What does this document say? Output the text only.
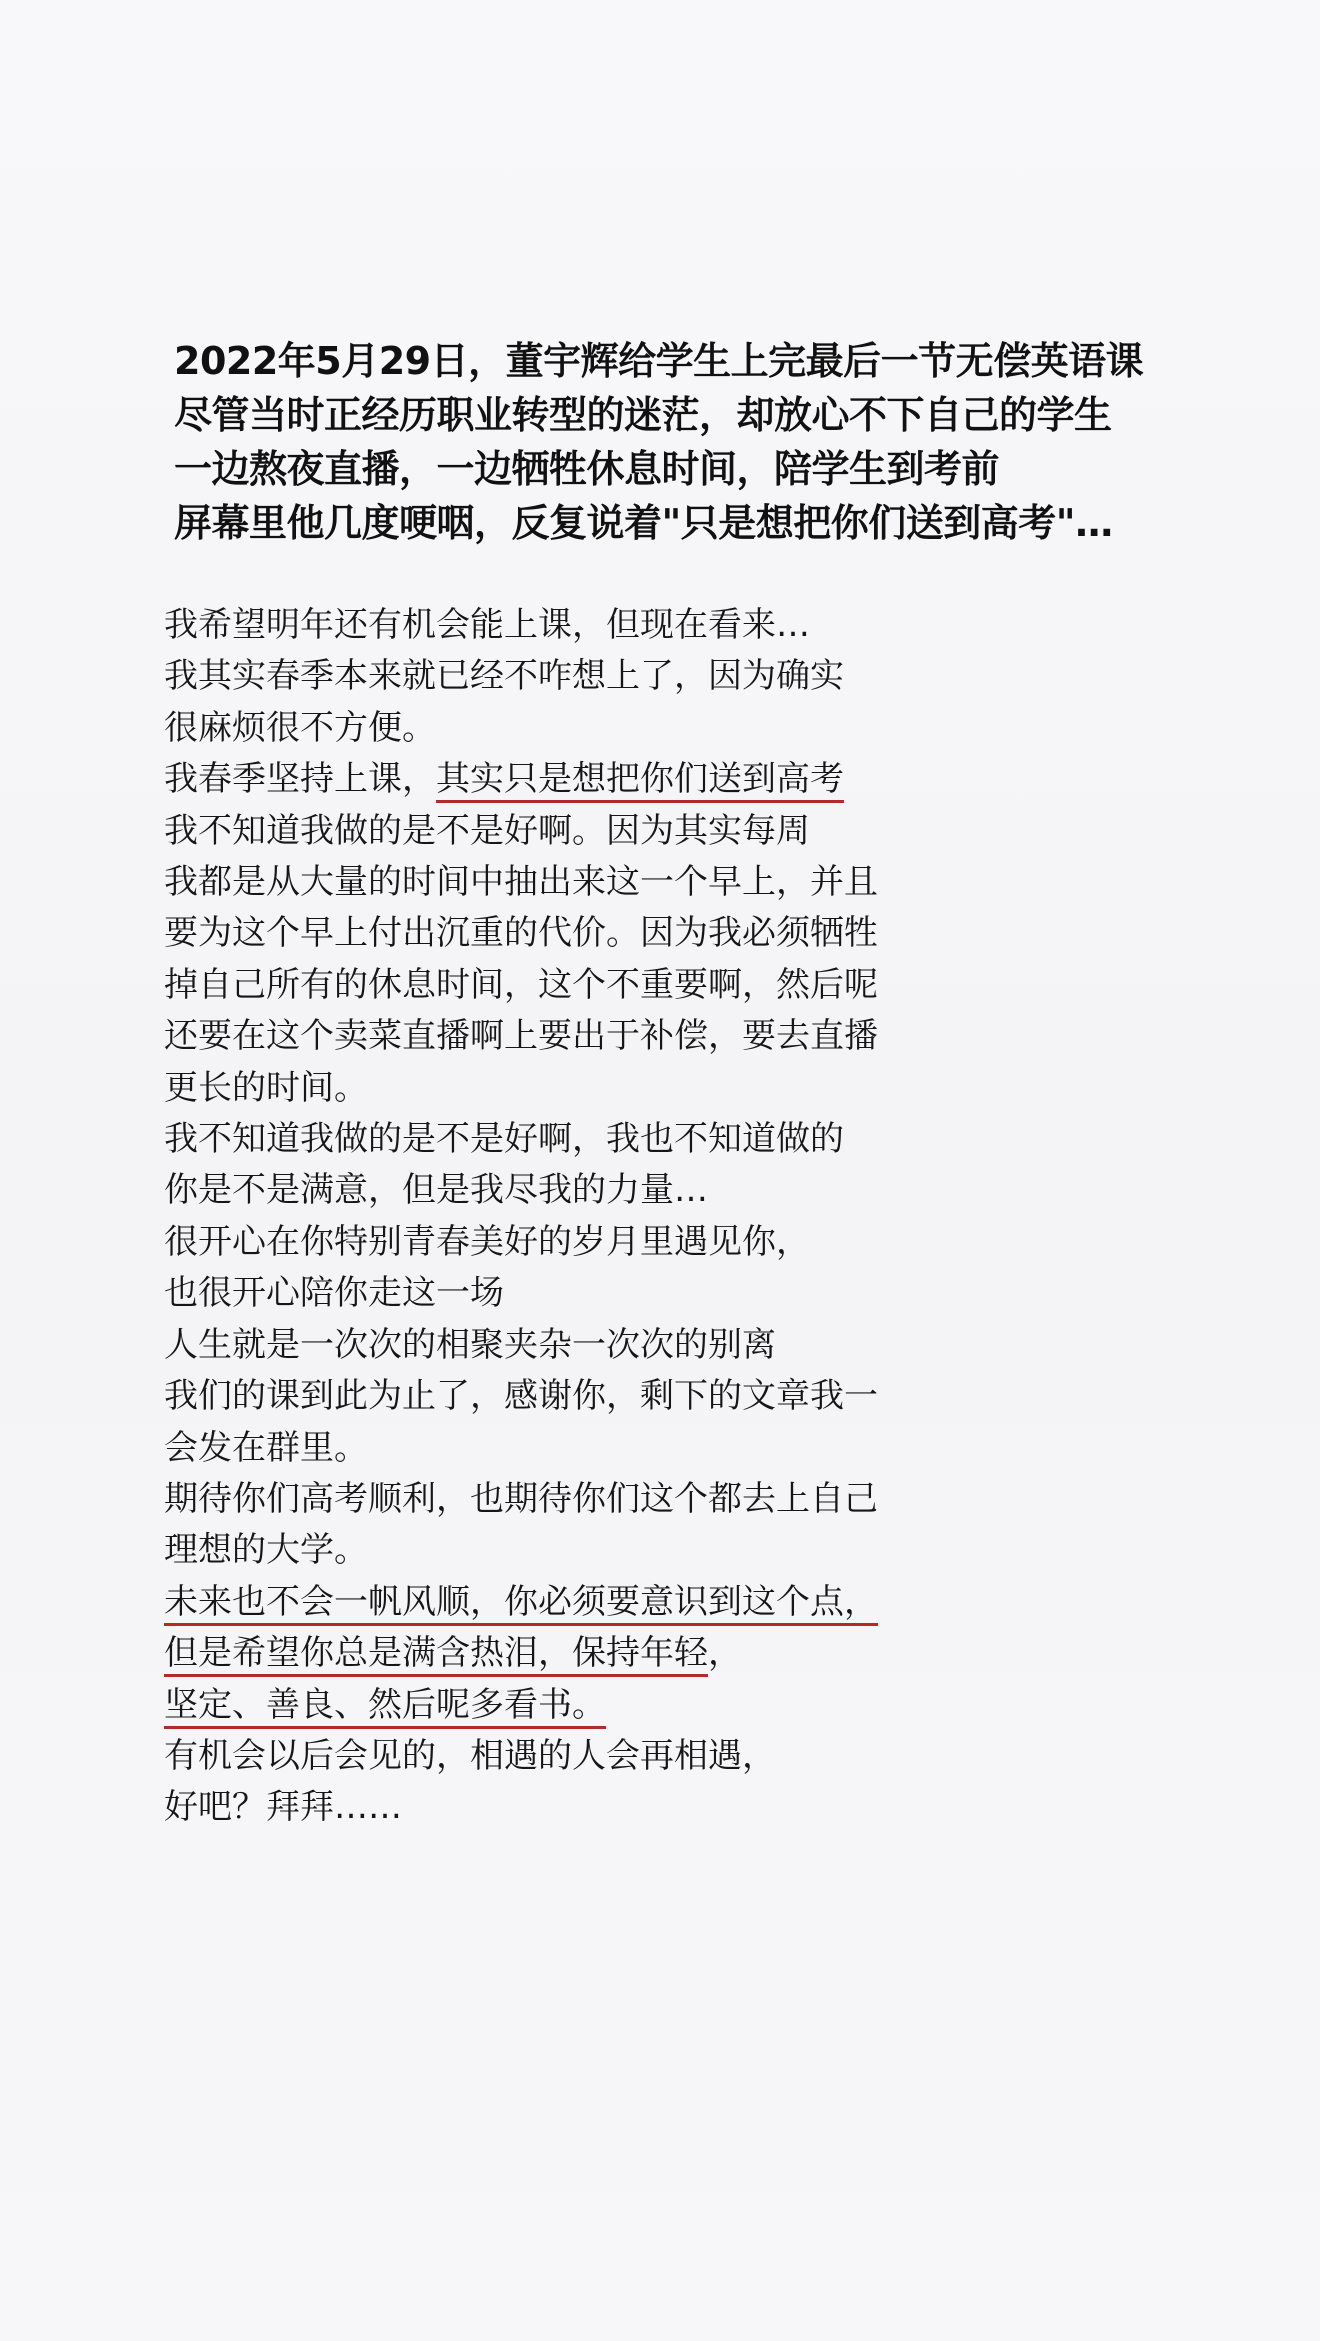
2022年5月29日，董宇辉给学生上完最后一节无偿英语课
尽管当时正经历职业转型的迷茫，却放心不下自己的学生
一边熬夜直播，一边牺牲休息时间，陪学生到考前
屏幕里他几度哽咽，反复说着"只是想把你们送到高考"…
我希望明年还有机会能上课，但现在看来…
我其实春季本来就已经不咋想上了，因为确实
很麻烦很不方便。
我春季坚持上课，其实只是想把你们送到高考
我不知道我做的是不是好啊。因为其实每周
我都是从大量的时间中抽出来这一个早上，并且
要为这个早上付出沉重的代价。因为我必须牺牲
掉自己所有的休息时间，这个不重要啊，然后呢
还要在这个卖菜直播啊上要出于补偿，要去直播
更长的时间。
我不知道我做的是不是好啊，我也不知道做的
你是不是满意，但是我尽我的力量…
很开心在你特别青春美好的岁月里遇见你，
也很开心陪你走这一场
人生就是一次次的相聚夹杂一次次的别离
我们的课到此为止了，感谢你，剩下的文章我一
会发在群里。
期待你们高考顺利，也期待你们这个都去上自己
理想的大学。
未来也不会一帆风顺，你必须要意识到这个点，
但是希望你总是满含热泪，保持年轻，
坚定、善良、然后呢多看书。
有机会以后会见的，相遇的人会再相遇，
好吧？拜拜……
